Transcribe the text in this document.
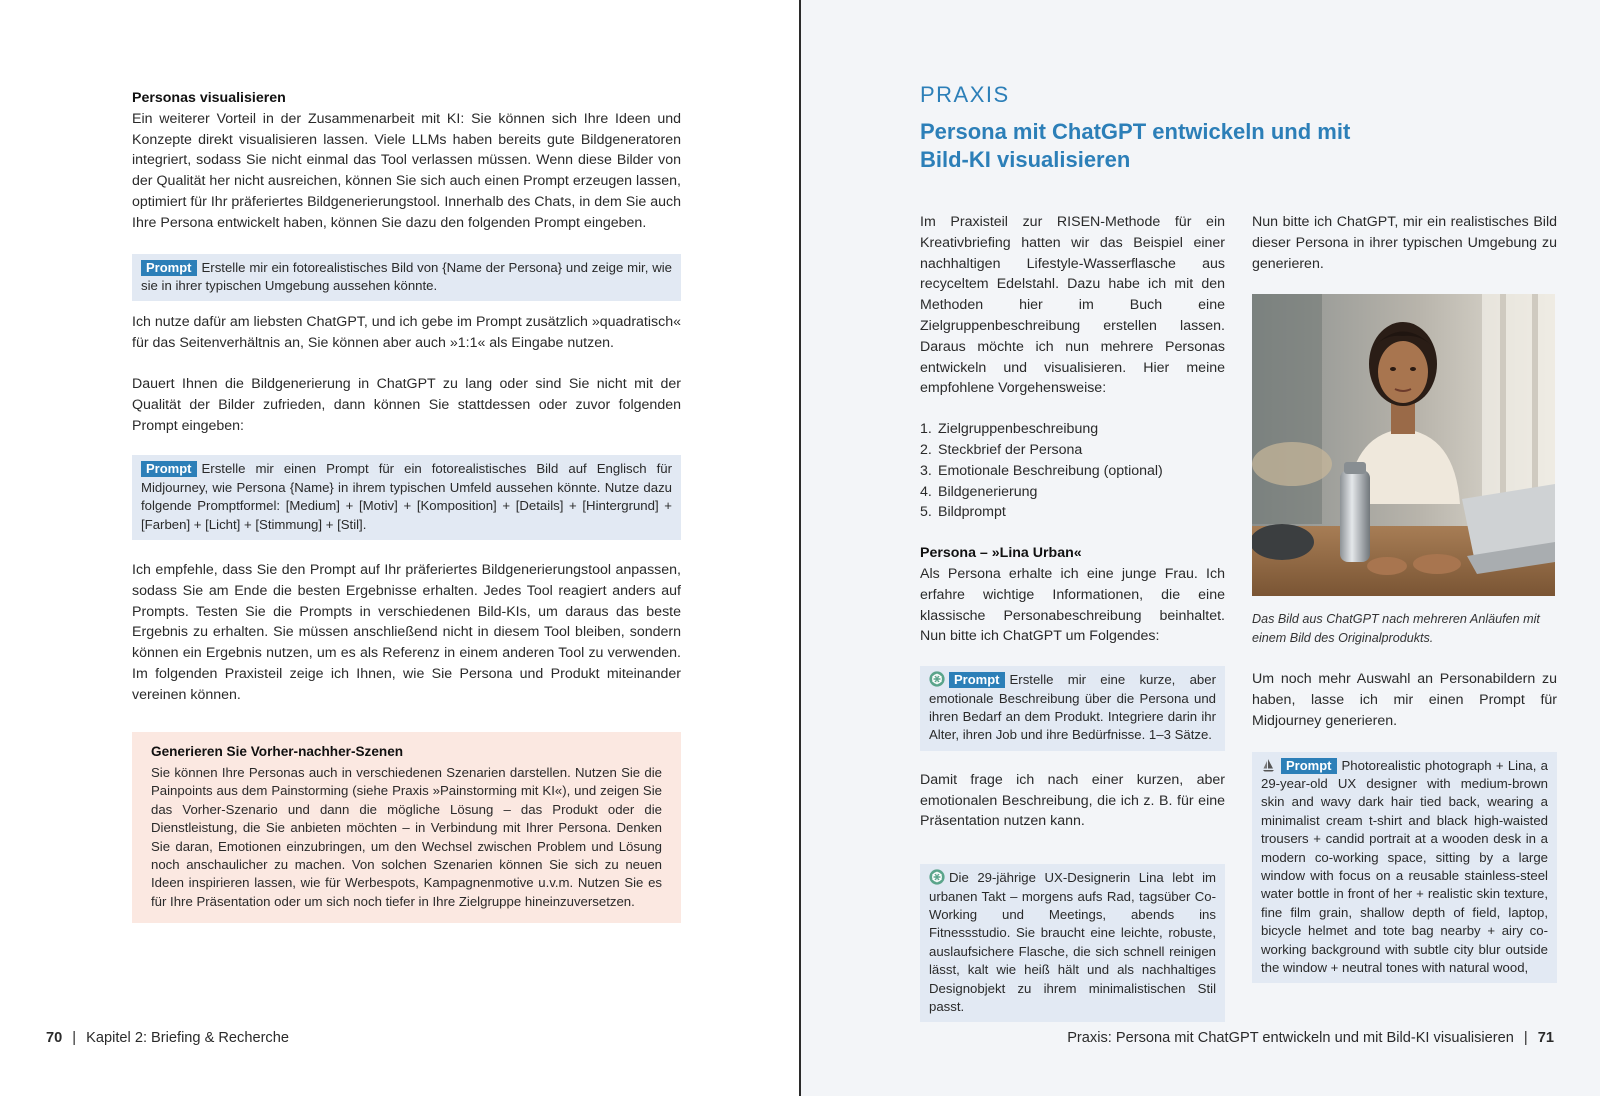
Personas visualisieren

Ein weiterer Vorteil in der Zusammenarbeit mit KI: Sie können sich Ihre Ideen und Konzepte direkt visualisieren lassen. Viele LLMs haben bereits gute Bildgeneratoren integriert, sodass Sie nicht einmal das Tool verlassen müssen. Wenn diese Bilder von der Qualität her nicht ausreichen, können Sie sich auch einen Prompt erzeugen lassen, optimiert für Ihr präferiertes Bildgenerierungstool. Innerhalb des Chats, in dem Sie auch Ihre Persona entwickelt haben, können Sie dazu den folgenden Prompt eingeben.

Prompt Erstelle mir ein fotorealistisches Bild von {Name der Persona} und zeige mir, wie sie in ihrer typischen Umgebung aussehen könnte.

Ich nutze dafür am liebsten ChatGPT, und ich gebe im Prompt zusätzlich »quadratisch« für das Seitenverhältnis an, Sie können aber auch »1:1« als Eingabe nutzen.

Dauert Ihnen die Bildgenerierung in ChatGPT zu lang oder sind Sie nicht mit der Qualität der Bilder zufrieden, dann können Sie stattdessen oder zuvor folgenden Prompt eingeben:

Prompt Erstelle mir einen Prompt für ein fotorealistisches Bild auf Englisch für Midjourney, wie Persona {Name} in ihrem typischen Umfeld aussehen könnte. Nutze dazu folgende Promptformel: [Medium] + [Motiv] + [Komposition] + [Details] + [Hintergrund] + [Farben] + [Licht] + [Stimmung] + [Stil].

Ich empfehle, dass Sie den Prompt auf Ihr präferiertes Bildgenerierungstool anpassen, sodass Sie am Ende die besten Ergebnisse erhalten. Jedes Tool reagiert anders auf Prompts. Testen Sie die Prompts in verschiedenen Bild-KIs, um daraus das beste Ergebnis zu erhalten. Sie müssen anschließend nicht in diesem Tool bleiben, sondern können ein Ergebnis nutzen, um es als Referenz in einem anderen Tool zu verwenden. Im folgenden Praxisteil zeige ich Ihnen, wie Sie Persona und Produkt miteinander vereinen können.

Generieren Sie Vorher-nachher-Szenen
Sie können Ihre Personas auch in verschiedenen Szenarien darstellen. Nutzen Sie die Painpoints aus dem Painstorming (siehe Praxis »Painstorming mit KI«), und zeigen Sie das Vorher-Szenario und dann die mögliche Lösung – das Produkt oder die Dienstleistung, die Sie anbieten möchten – in Verbindung mit Ihrer Persona. Denken Sie daran, Emotionen einzubringen, um den Wechsel zwischen Problem und Lösung noch anschaulicher zu machen. Von solchen Szenarien können Sie sich zu neuen Ideen inspirieren lassen, wie für Werbespots, Kampagnenmotive u.v.m. Nutzen Sie es für Ihre Präsentation oder um sich noch tiefer in Ihre Zielgruppe hineinzuversetzen.
70 | Kapitel 2: Briefing & Recherche
PRAXIS
Persona mit ChatGPT entwickeln und mit Bild-KI visualisieren

Im Praxisteil zur RISEN-Methode für ein Kreativbriefing hatten wir das Beispiel einer nachhaltigen Lifestyle-Wasserflasche aus recyceltem Edelstahl. Dazu habe ich mit den Methoden hier im Buch eine Zielgruppenbeschreibung erstellen lassen. Daraus möchte ich nun mehrere Personas entwickeln und visualisieren. Hier meine empfohlene Vorgehensweise:

1. Zielgruppenbeschreibung
2. Steckbrief der Persona
3. Emotionale Beschreibung (optional)
4. Bildgenerierung
5. Bildprompt

Persona – »Lina Urban«

Als Persona erhalte ich eine junge Frau. Ich erfahre wichtige Informationen, die eine klassische Personabeschreibung beinhaltet. Nun bitte ich ChatGPT um Folgendes:

Prompt Erstelle mir eine kurze, aber emotionale Beschreibung über die Persona und ihren Bedarf an dem Produkt. Integriere darin ihr Alter, ihren Job und ihre Bedürfnisse. 1–3 Sätze.

Damit frage ich nach einer kurzen, aber emotionalen Beschreibung, die ich z. B. für eine Präsentation nutzen kann.

Die 29-jährige UX-Designerin Lina lebt im urbanen Takt – morgens aufs Rad, tagsüber Co-Working und Meetings, abends ins Fitnessstudio. Sie braucht eine leichte, robuste, auslaufsichere Flasche, die sich schnell reinigen lässt, kalt wie heiß hält und als nachhaltiges Designobjekt zu ihrem minimalistischen Stil passt.

Nun bitte ich ChatGPT, mir ein realistisches Bild dieser Persona in ihrer typischen Umgebung zu generieren.

Das Bild aus ChatGPT nach mehreren Anläufen mit einem Bild des Originalprodukts.

Um noch mehr Auswahl an Personabildern zu haben, lasse ich mir einen Prompt für Midjourney generieren.

Prompt Photorealistic photograph + Lina, a 29-year-old UX designer with medium-brown skin and wavy dark hair tied back, wearing a minimalist cream t-shirt and black high-waisted trousers + candid portrait at a wooden desk in a modern co-working space, sitting by a large window with focus on a reusable stainless-steel water bottle in front of her + realistic skin texture, fine film grain, shallow depth of field, laptop, bicycle helmet and tote bag nearby + airy co-working background with subtle city blur outside the window + neutral tones with natural wood,
Praxis: Persona mit ChatGPT entwickeln und mit Bild-KI visualisieren | 71
